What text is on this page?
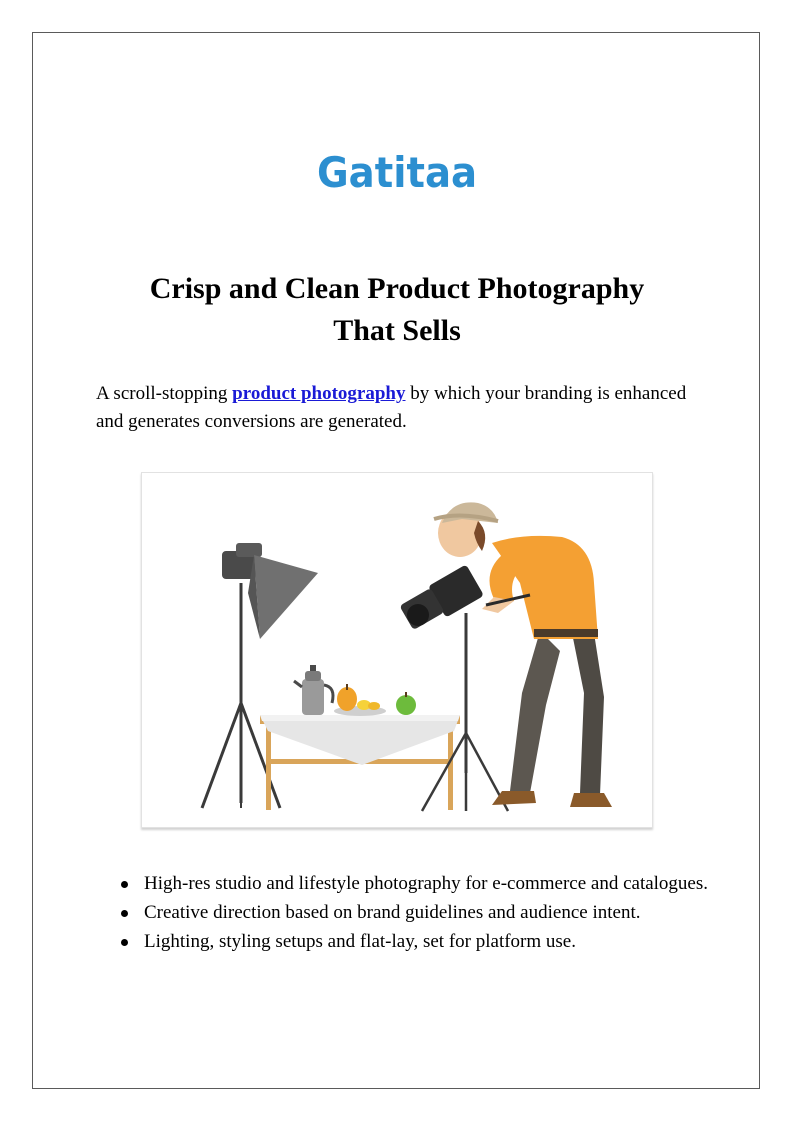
Gatitaa
Crisp and Clean Product Photography
That Sells

A scroll-stopping product photography by which your branding is enhanced and generates conversions are generated.

High-res studio and lifestyle photography for e-commerce and catalogues.
Creative direction based on brand guidelines and audience intent.
Lighting, styling setups and flat-lay, set for platform use.
